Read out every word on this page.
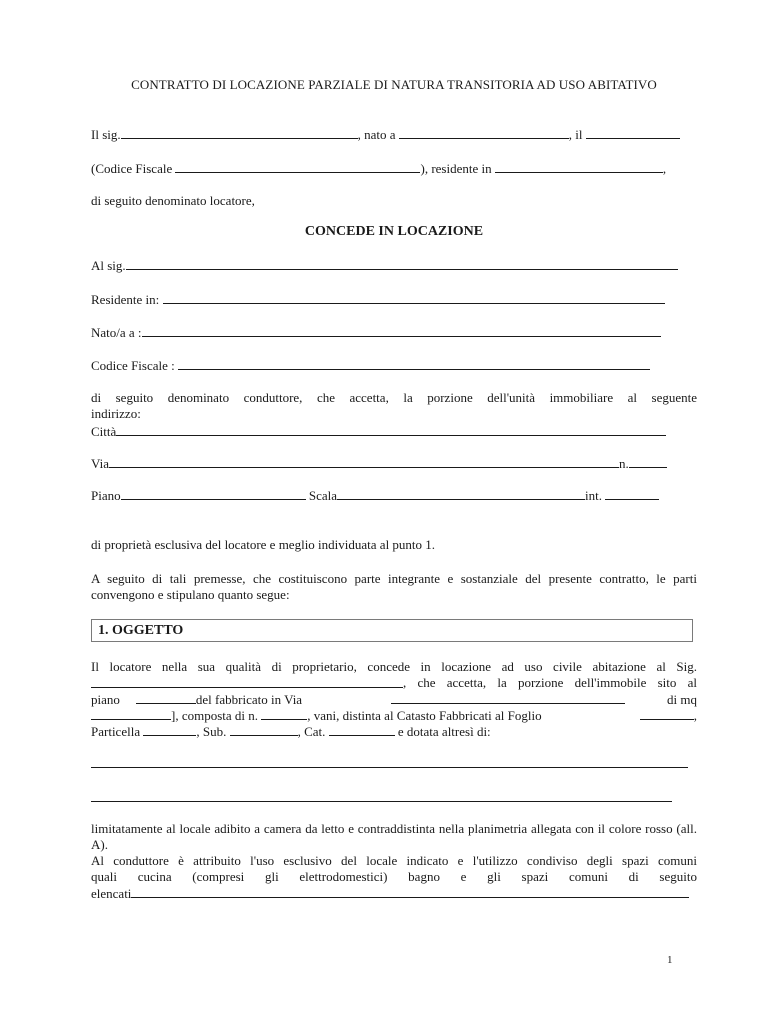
CONTRATTO DI LOCAZIONE PARZIALE DI NATURA TRANSITORIA AD USO ABITATIVO
Il sig.	, nato a	, il
(Codice Fiscale	), residente in	,
di seguito denominato locatore,
CONCEDE IN LOCAZIONE
Al sig.
Residente in:
Nato/a a :
Codice Fiscale :
di seguito denominato conduttore, che accetta, la porzione dell'unità immobiliare al seguente
indirizzo:
Città
Via	n.
Piano	Scala	int.
di proprietà esclusiva del locatore e meglio individuata al punto 1.
A seguito di tali premesse, che costituiscono parte integrante e sostanziale del presente contratto, le parti convengono e stipulano quanto segue:
1. OGGETTO
Il locatore nella sua qualità di proprietario, concede in locazione ad uso civile abitazione al Sig.
, che accetta, la porzione dell'immobile sito al
piano	del fabbricato in Via	di mq
], composta di n.
	, vani, distinta al Catasto Fabbricati al Foglio	,
Particella	, Sub.	, Cat.	e dotata altresì di:
limitatamente al locale adibito a camera da letto e contraddistinta nella planimetria allegata con il colore rosso (all. A).
Al conduttore è attribuito l'uso esclusivo del locale indicato e l'utilizzo condiviso degli spazi comuni
quali cucina (compresi gli elettrodomestici) bagno e gli spazi comuni di seguito
elencati
1
